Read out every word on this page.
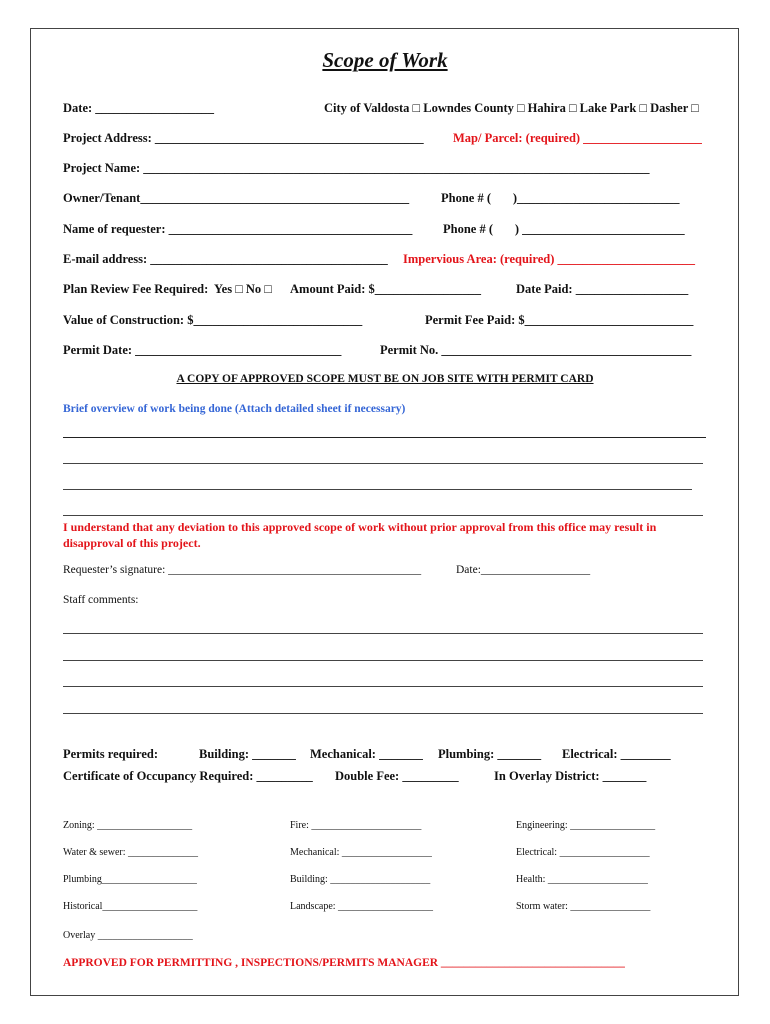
Scope of Work
Date: ___________________	City of Valdosta □ Lowndes County □ Hahira □ Lake Park □ Dasher □
Project Address: ___________________________________________ Map/ Parcel: (required) ___________________
Project Name: _________________________________________________________________________________
Owner/Tenant___________________________________________	Phone # (       )__________________________
Name of requester: _______________________________________ Phone # (       ) __________________________
E-mail address: ______________________________________ Impervious Area: (required) ______________________
Plan Review Fee Required:  Yes □ No □ Amount Paid: $_________________	Date Paid: __________________
Value of Construction: $___________________________	Permit Fee Paid: $___________________________
Permit Date: _________________________________	Permit No. ________________________________________
A COPY OF APPROVED SCOPE MUST BE ON JOB SITE WITH PERMIT CARD
Brief overview of work being done (Attach detailed sheet if necessary)
I understand that any deviation to this approved scope of work without prior approval from this office may result in disapproval of this project.
Requester’s signature: ____________________________________________	Date:___________________
Staff comments:
Permits required:	Building: _______ Mechanical: _______ Plumbing: _______ Electrical: ________
Certificate of Occupancy Required: _________ Double Fee: _________	In Overlay District: _______
Zoning: ___________________	Fire: ______________________	Engineering: _________________
Water & sewer: ______________	Mechanical: __________________	Electrical: __________________
Plumbing___________________	Building: ____________________	Health: ____________________
Historical___________________	Landscape: ___________________	Storm water: ________________
Overlay ___________________
APPROVED FOR PERMITTING , INSPECTIONS/PERMITS MANAGER ________________________________
